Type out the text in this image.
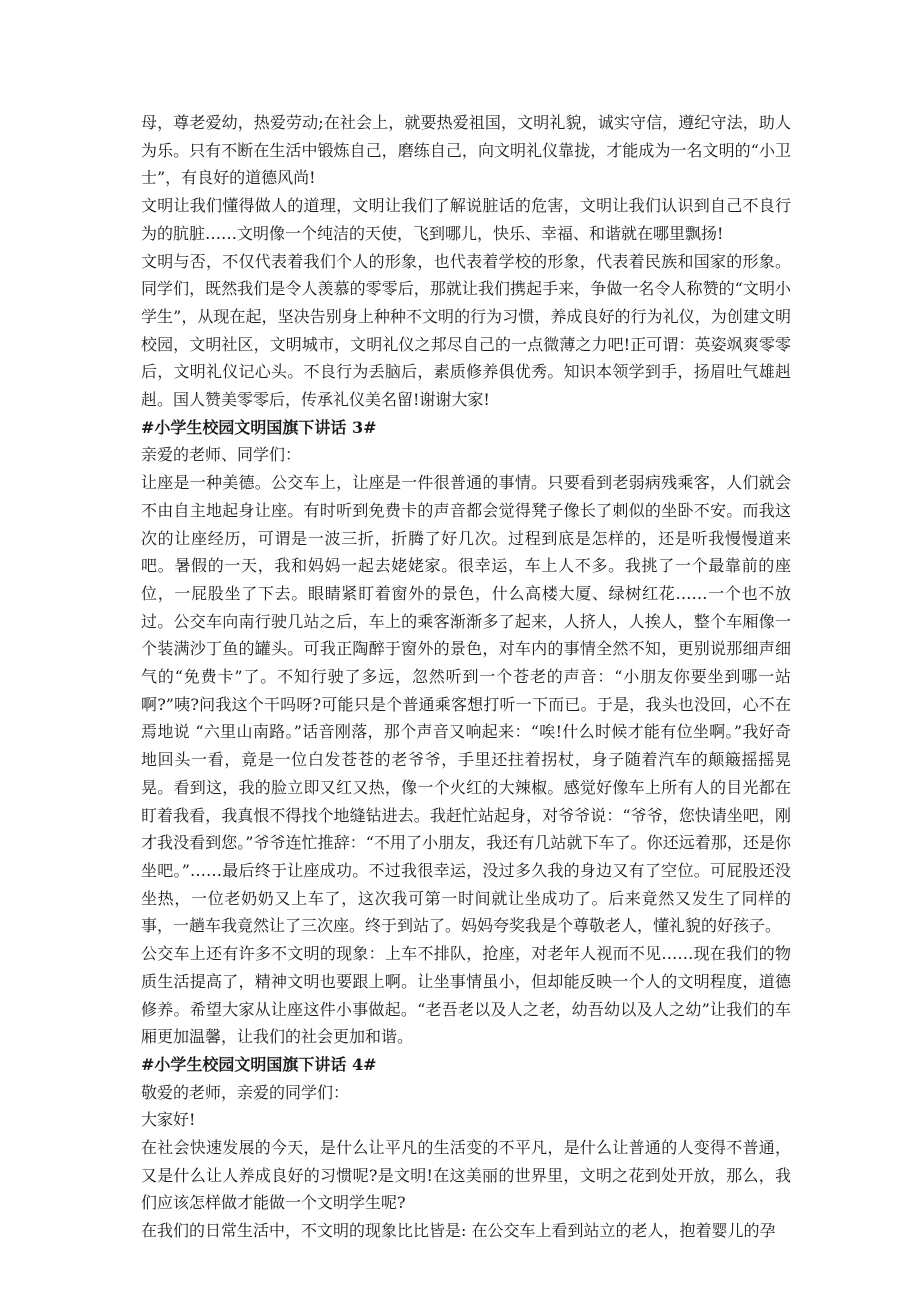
母，尊老爱幼，热爱劳动;在社会上，就要热爱祖国，文明礼貌，诚实守信，遵纪守法，助人为乐。只有不断在生活中锻炼自己，磨练自己，向文明礼仪靠拢，才能成为一名文明的“小卫士”，有良好的道德风尚!

文明让我们懂得做人的道理，文明让我们了解说脏话的危害，文明让我们认识到自己不良行为的肮脏……文明像一个纯洁的天使，飞到哪儿，快乐、幸福、和谐就在哪里飘扬!

文明与否，不仅代表着我们个人的形象，也代表着学校的形象，代表着民族和国家的形象。同学们，既然我们是令人羡慕的零零后，那就让我们携起手来，争做一名令人称赞的“文明小学生”，从现在起，坚决告别身上种种不文明的行为习惯，养成良好的行为礼仪，为创建文明校园，文明社区，文明城市，文明礼仪之邦尽自己的一点微薄之力吧!正可谓：英姿飒爽零零后，文明礼仪记心头。不良行为丢脑后，素质修养俱优秀。知识本领学到手，扬眉吐气雄赳赳。国人赞美零零后，传承礼仪美名留!谢谢大家!

#小学生校园文明国旗下讲话 3#

亲爱的老师、同学们：

让座是一种美德。公交车上，让座是一件很普通的事情。只要看到老弱病残乘客，人们就会不由自主地起身让座。有时听到免费卡的声音都会觉得凳子像长了刺似的坐卧不安。而我这次的让座经历，可谓是一波三折，折腾了好几次。过程到底是怎样的，还是听我慢慢道来吧。暑假的一天，我和妈妈一起去姥姥家。很幸运，车上人不多。我挑了一个最靠前的座位，一屁股坐了下去。眼睛紧盯着窗外的景色，什么高楼大厦、绿树红花……一个也不放过。公交车向南行驶几站之后，车上的乘客渐渐多了起来，人挤人，人挨人，整个车厢像一个装满沙丁鱼的罐头。可我正陶醉于窗外的景色，对车内的事情全然不知，更别说那细声细气的“免费卡”了。不知行驶了多远，忽然听到一个苍老的声音：“小朋友你要坐到哪一站啊?”咦?问我这个干吗呀?可能只是个普通乘客想打听一下而已。于是，我头也没回，心不在焉地说 “六里山南路。”话音刚落，那个声音又响起来：“唉!什么时候才能有位坐啊。”我好奇地回头一看，竟是一位白发苍苍的老爷爷，手里还拄着拐杖，身子随着汽车的颠簸摇摇晃晃。看到这，我的脸立即又红又热，像一个火红的大辣椒。感觉好像车上所有人的目光都在盯着我看，我真恨不得找个地缝钻进去。我赶忙站起身，对爷爷说：“爷爷，您快请坐吧，刚才我没看到您。”爷爷连忙推辞：“不用了小朋友，我还有几站就下车了。你还远着那，还是你坐吧。”……最后终于让座成功。不过我很幸运，没过多久我的身边又有了空位。可屁股还没坐热，一位老奶奶又上车了，这次我可第一时间就让坐成功了。后来竟然又发生了同样的事，一趟车我竟然让了三次座。终于到站了。妈妈夸奖我是个尊敬老人，懂礼貌的好孩子。

公交车上还有许多不文明的现象：上车不排队，抢座，对老年人视而不见……现在我们的物质生活提高了，精神文明也要跟上啊。让坐事情虽小，但却能反映一个人的文明程度，道德修养。希望大家从让座这件小事做起。“老吾老以及人之老，幼吾幼以及人之幼”让我们的车厢更加温馨，让我们的社会更加和谐。

#小学生校园文明国旗下讲话 4#

敬爱的老师，亲爱的同学们：

大家好!

在社会快速发展的今天，是什么让平凡的生活变的不平凡，是什么让普通的人变得不普通，又是什么让人养成良好的习惯呢?是文明!在这美丽的世界里，文明之花到处开放，那么，我们应该怎样做才能做一个文明学生呢?

在我们的日常生活中，不文明的现象比比皆是: 在公交车上看到站立的老人，抱着婴儿的孕
